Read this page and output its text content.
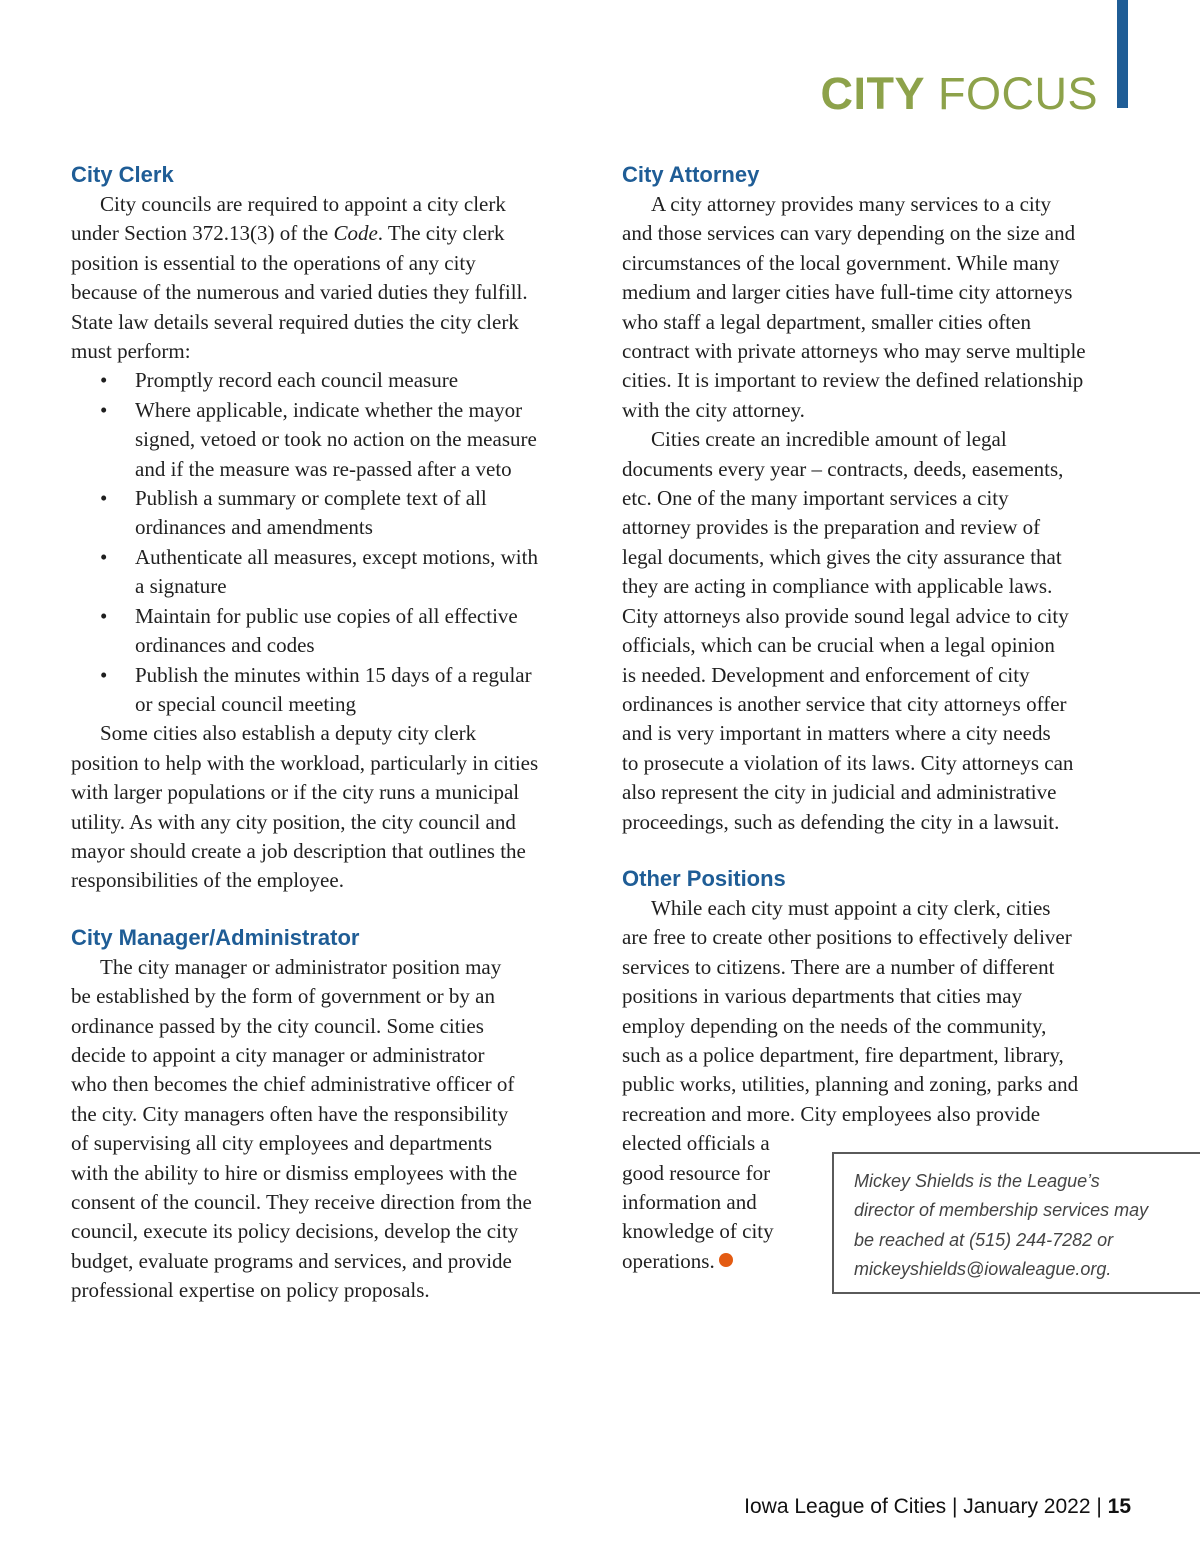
CITY FOCUS
City Clerk

City councils are required to appoint a city clerk
under Section 372.13(3) of the Code. The city clerk
position is essential to the operations of any city
because of the numerous and varied duties they fulfill.
State law details several required duties the city clerk
must perform:

• Promptly record each council measure
• Where applicable, indicate whether the mayor
signed, vetoed or took no action on the measure
and if the measure was re-passed after a veto
• Publish a summary or complete text of all
ordinances and amendments
• Authenticate all measures, except motions, with
a signature
• Maintain for public use copies of all effective
ordinances and codes
• Publish the minutes within 15 days of a regular
or special council meeting

Some cities also establish a deputy city clerk
position to help with the workload, particularly in cities
with larger populations or if the city runs a municipal
utility. As with any city position, the city council and
mayor should create a job description that outlines the
responsibilities of the employee.

City Manager/Administrator

The city manager or administrator position may
be established by the form of government or by an
ordinance passed by the city council. Some cities
decide to appoint a city manager or administrator
who then becomes the chief administrative officer of
the city. City managers often have the responsibility
of supervising all city employees and departments
with the ability to hire or dismiss employees with the
consent of the council. They receive direction from the
council, execute its policy decisions, develop the city
budget, evaluate programs and services, and provide
professional expertise on policy proposals.

City Attorney

A city attorney provides many services to a city
and those services can vary depending on the size and
circumstances of the local government. While many
medium and larger cities have full-time city attorneys
who staff a legal department, smaller cities often
contract with private attorneys who may serve multiple
cities. It is important to review the defined relationship
with the city attorney.

Cities create an incredible amount of legal
documents every year – contracts, deeds, easements,
etc. One of the many important services a city
attorney provides is the preparation and review of
legal documents, which gives the city assurance that
they are acting in compliance with applicable laws.
City attorneys also provide sound legal advice to city
officials, which can be crucial when a legal opinion
is needed. Development and enforcement of city
ordinances is another service that city attorneys offer
and is very important in matters where a city needs
to prosecute a violation of its laws. City attorneys can
also represent the city in judicial and administrative
proceedings, such as defending the city in a lawsuit.

Other Positions

While each city must appoint a city clerk, cities
are free to create other positions to effectively deliver
services to citizens. There are a number of different
positions in various departments that cities may
employ depending on the needs of the community,
such as a police department, fire department, library,
public works, utilities, planning and zoning, parks and
recreation and more. City employees also provide

elected officials a
good resource for
information and
knowledge of city
operations.

Mickey Shields is the League’s
director of membership services may
be reached at (515) 244-7282 or
mickeyshields@iowaleague.org.

Iowa League of Cities | January 2022 | 15
